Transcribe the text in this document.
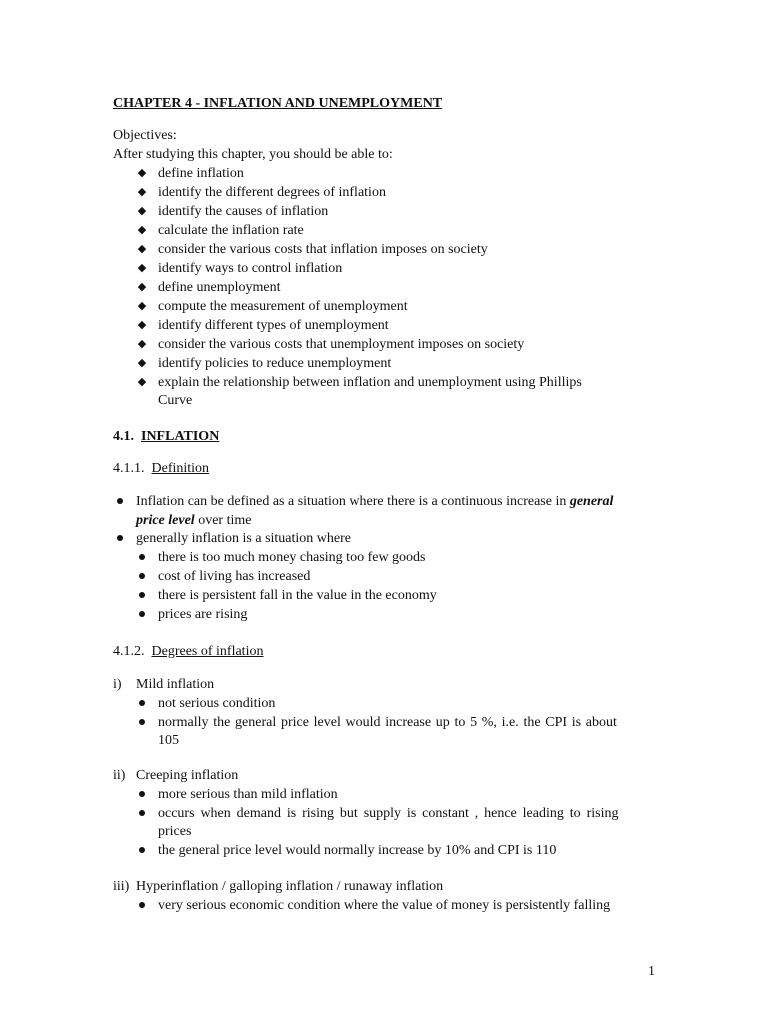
CHAPTER 4 - INFLATION AND UNEMPLOYMENT
Objectives:
After studying this chapter, you should be able to:
◆ define inflation
◆ identify the different degrees of inflation
◆ identify the causes of inflation
◆ calculate the inflation rate
◆ consider the various costs that inflation imposes on society
◆ identify ways to control inflation
◆ define unemployment
◆ compute the measurement of unemployment
◆ identify different types of unemployment
◆ consider the various costs that unemployment imposes on society
◆ identify policies to reduce unemployment
◆ explain the relationship between inflation and unemployment using Phillips
Curve
4.1. INFLATION
4.1.1. Definition
Inflation can be defined as a situation where there is a continuous increase in general
price level over time
generally inflation is a situation where
there is too much money chasing too few goods
cost of living has increased
there is persistent fall in the value in the economy
prices are rising
4.1.2. Degrees of inflation
i) Mild inflation
not serious condition
normally the general price level would increase up to 5 %, i.e. the CPI is about
105
ii) Creeping inflation
more serious than mild inflation
occurs when demand is rising but supply is constant , hence leading to rising
prices
the general price level would normally increase by 10% and CPI is 110
iii) Hyperinflation / galloping inflation / runaway inflation
very serious economic condition where the value of money is persistently falling
1
